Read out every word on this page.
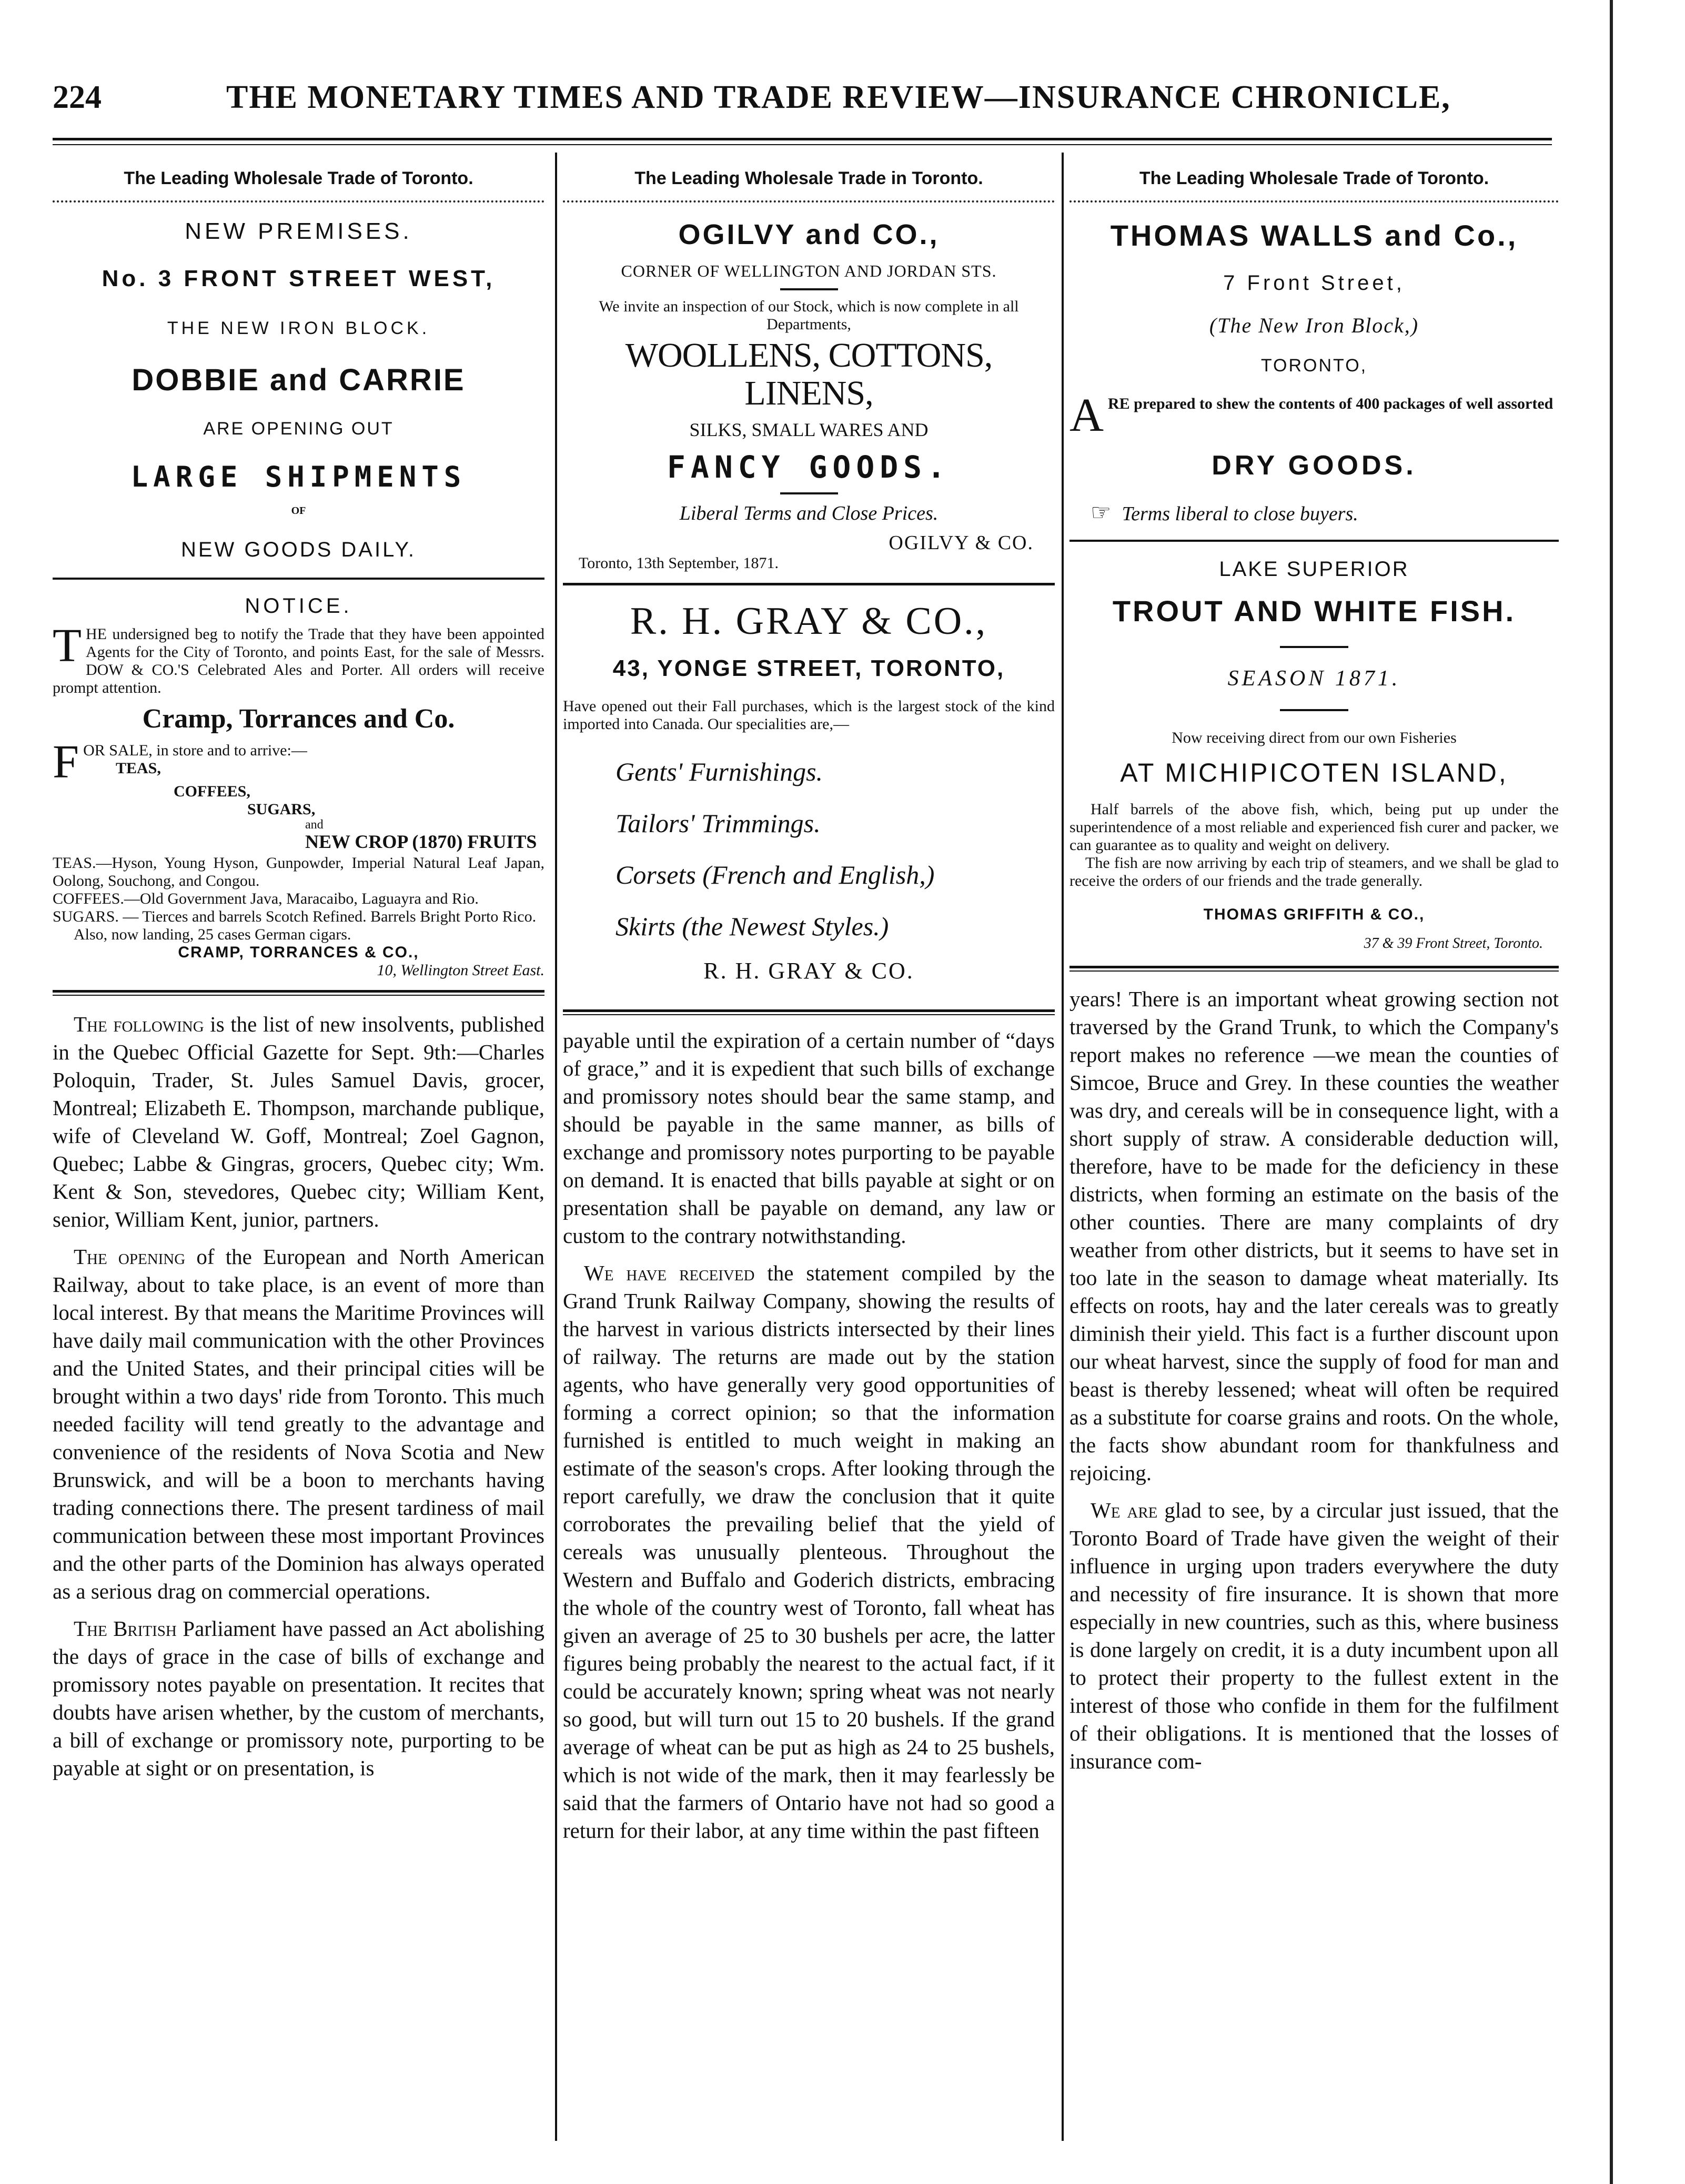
224	THE MONETARY TIMES AND TRADE REVIEW—INSURANCE CHRONICLE,
The Leading Wholesale Trade of Toronto.
NEW PREMISES.
No. 3 FRONT STREET WEST,
THE NEW IRON BLOCK.
DOBBIE and CARRIE
ARE OPENING OUT
LARGE SHIPMENTS
OF
NEW GOODS DAILY.
NOTICE.
THE undersigned beg to notify the Trade that they have been appointed Agents for the City of Toronto, and points East, for the sale of Messrs. DOW & CO.'S Celebrated Ales and Porter. All orders will receive prompt attention.
Cramp, Torrances and Co.
FOR SALE, in store and to arrive:—
TEAS,
COFFEES,
SUGARS,
and
NEW CROP (1870) FRUITS
TEAS.—Hyson, Young Hyson, Gunpowder, Imperial Natural Leaf Japan, Oolong, Souchong, and Congou.
COFFEES.—Old Government Java, Maracaibo, Laguayra and Rio.
SUGARS. — Tierces and barrels Scotch Refined. Barrels Bright Porto Rico.
Also, now landing, 25 cases German cigars.
CRAMP, TORRANCES & CO.,
10, Wellington Street East.

The following is the list of new insolvents, published in the Quebec Official Gazette for Sept. 9th:—Charles Poloquin, Trader, St. Jules Samuel Davis, grocer, Montreal; Elizabeth E. Thompson, marchande publique, wife of Cleveland W. Goff, Montreal; Zoel Gagnon, Quebec; Labbe & Gingras, grocers, Quebec city; Wm. Kent & Son, stevedores, Quebec city; William Kent, senior, William Kent, junior, partners.

The opening of the European and North American Railway, about to take place, is an event of more than local interest. By that means the Maritime Provinces will have daily mail communication with the other Provinces and the United States, and their principal cities will be brought within a two days' ride from Toronto. This much needed facility will tend greatly to the advantage and convenience of the residents of Nova Scotia and New Brunswick, and will be a boon to merchants having trading connections there. The present tardiness of mail communication between these most important Provinces and the other parts of the Dominion has always operated as a serious drag on commercial operations.

The British Parliament have passed an Act abolishing the days of grace in the case of bills of exchange and promissory notes payable on presentation. It recites that doubts have arisen whether, by the custom of merchants, a bill of exchange or promissory note, purporting to be payable at sight or on presentation, is

The Leading Wholesale Trade in Toronto.
OGILVY and CO.,
CORNER OF WELLINGTON AND JORDAN STS.
We invite an inspection of our Stock, which is now complete in all Departments,
WOOLLENS, COTTONS, LINENS,
SILKS, SMALL WARES AND
FANCY GOODS.
Liberal Terms and Close Prices.
OGILVY & CO.
Toronto, 13th September, 1871.
R. H. GRAY & CO.,
43, YONGE STREET, TORONTO,
Have opened out their Fall purchases, which is the largest stock of the kind imported into Canada. Our specialities are,—
Gents' Furnishings.
Tailors' Trimmings.
Corsets (French and English,)
Skirts (the Newest Styles.)
R. H. GRAY & CO.

payable until the expiration of a certain number of “days of grace,” and it is expedient that such bills of exchange and promissory notes should bear the same stamp, and should be payable in the same manner, as bills of exchange and promissory notes purporting to be payable on demand. It is enacted that bills payable at sight or on presentation shall be payable on demand, any law or custom to the contrary notwithstanding.

We have received the statement compiled by the Grand Trunk Railway Company, showing the results of the harvest in various districts intersected by their lines of railway. The returns are made out by the station agents, who have generally very good opportunities of forming a correct opinion; so that the information furnished is entitled to much weight in making an estimate of the season's crops. After looking through the report carefully, we draw the conclusion that it quite corroborates the prevailing belief that the yield of cereals was unusually plenteous. Throughout the Western and Buffalo and Goderich districts, embracing the whole of the country west of Toronto, fall wheat has given an average of 25 to 30 bushels per acre, the latter figures being probably the nearest to the actual fact, if it could be accurately known; spring wheat was not nearly so good, but will turn out 15 to 20 bushels. If the grand average of wheat can be put as high as 24 to 25 bushels, which is not wide of the mark, then it may fearlessly be said that the farmers of Ontario have not had so good a return for their labor, at any time within the past fifteen

The Leading Wholesale Trade of Toronto.
THOMAS WALLS and Co.,
7 Front Street,
(The New Iron Block,)
TORONTO,
ARE prepared to shew the contents of 400 packages of well assorted
DRY GOODS.
☞ Terms liberal to close buyers.
LAKE SUPERIOR
TROUT AND WHITE FISH.
SEASON 1871.
Now receiving direct from our own Fisheries
AT MICHIPICOTEN ISLAND,
Half barrels of the above fish, which, being put up under the superintendence of a most reliable and experienced fish curer and packer, we can guarantee as to quality and weight on delivery.
The fish are now arriving by each trip of steamers, and we shall be glad to receive the orders of our friends and the trade generally.
THOMAS GRIFFITH & CO.,
37 & 39 Front Street, Toronto.

years! There is an important wheat growing section not traversed by the Grand Trunk, to which the Company's report makes no reference —we mean the counties of Simcoe, Bruce and Grey. In these counties the weather was dry, and cereals will be in consequence light, with a short supply of straw. A considerable deduction will, therefore, have to be made for the deficiency in these districts, when forming an estimate on the basis of the other counties. There are many complaints of dry weather from other districts, but it seems to have set in too late in the season to damage wheat materially. Its effects on roots, hay and the later cereals was to greatly diminish their yield. This fact is a further discount upon our wheat harvest, since the supply of food for man and beast is thereby lessened; wheat will often be required as a substitute for coarse grains and roots. On the whole, the facts show abundant room for thankfulness and rejoicing.

We are glad to see, by a circular just issued, that the Toronto Board of Trade have given the weight of their influence in urging upon traders everywhere the duty and necessity of fire insurance. It is shown that more especially in new countries, such as this, where business is done largely on credit, it is a duty incumbent upon all to protect their property to the fullest extent in the interest of those who confide in them for the fulfilment of their obligations. It is mentioned that the losses of insurance com-
